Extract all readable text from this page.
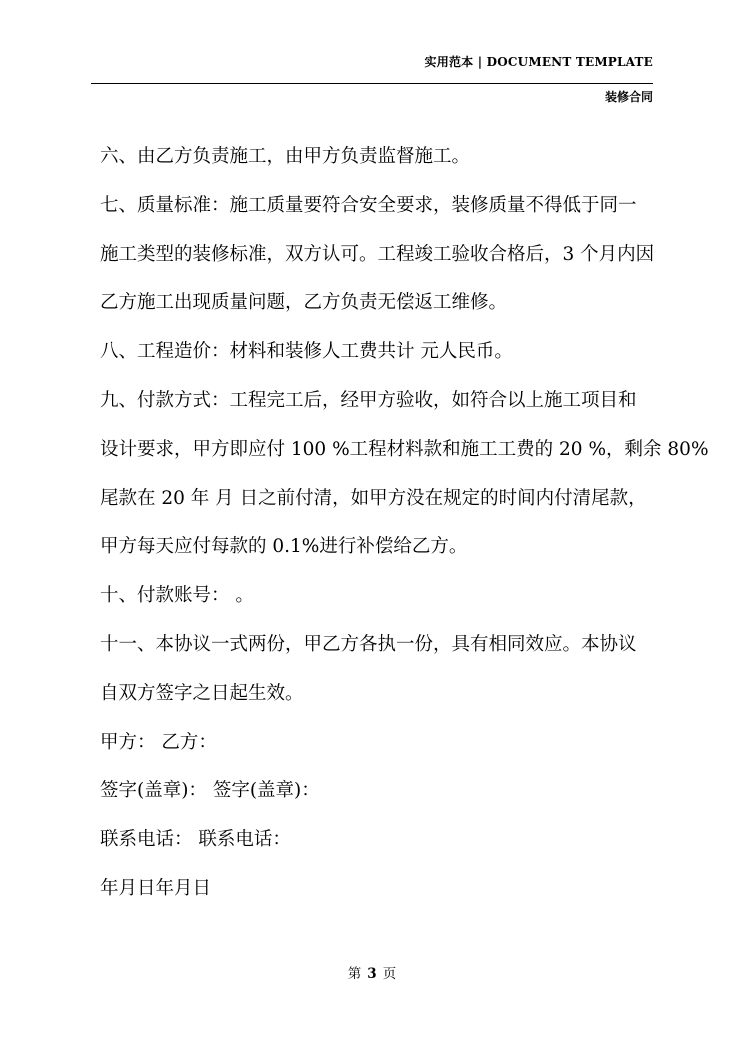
实用范本 | DOCUMENT TEMPLATE
装修合同
六、由乙方负责施工，由甲方负责监督施工。
七、质量标准：施工质量要符合安全要求，装修质量不得低于同一
施工类型的装修标准，双方认可。工程竣工验收合格后，3 个月内因
乙方施工出现质量问题，乙方负责无偿返工维修。
八、工程造价：材料和装修人工费共计 元人民币。
九、付款方式：工程完工后，经甲方验收，如符合以上施工项目和
设计要求，甲方即应付 100 %工程材料款和施工工费的 20 %，剩余 80%
尾款在 20 年 月 日之前付清，如甲方没在规定的时间内付清尾款，
甲方每天应付每款的 0.1%进行补偿给乙方。
十、付款账号： 。
十一、本协议一式两份，甲乙方各执一份，具有相同效应。本协议
自双方签字之日起生效。
甲方： 乙方：
签字(盖章)： 签字(盖章)：
联系电话： 联系电话：
年月日年月日
第 3 页
